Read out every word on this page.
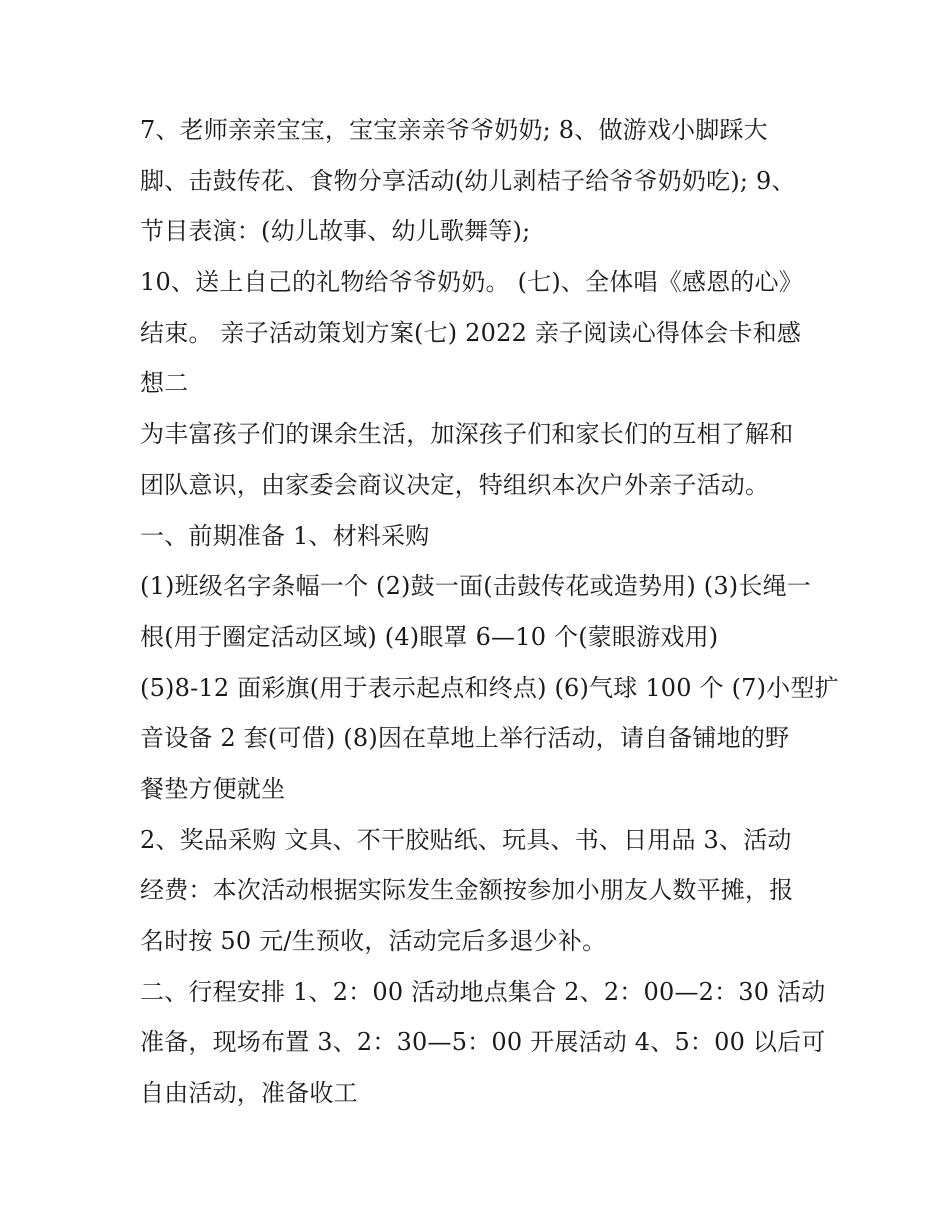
7、老师亲亲宝宝，宝宝亲亲爷爷奶奶; 8、做游戏小脚踩大
脚、击鼓传花、食物分享活动(幼儿剥桔子给爷爷奶奶吃); 9、
节目表演：(幼儿故事、幼儿歌舞等);
10、送上自己的礼物给爷爷奶奶。 (七)、全体唱《感恩的心》
结束。 亲子活动策划方案(七) 2022 亲子阅读心得体会卡和感
想二
为丰富孩子们的课余生活，加深孩子们和家长们的互相了解和
团队意识，由家委会商议决定，特组织本次户外亲子活动。
一、前期准备 1、材料采购
(1)班级名字条幅一个 (2)鼓一面(击鼓传花或造势用) (3)长绳一
根(用于圈定活动区域) (4)眼罩 6—10 个(蒙眼游戏用)
(5)8-12 面彩旗(用于表示起点和终点) (6)气球 100 个 (7)小型扩
音设备 2 套(可借) (8)因在草地上举行活动，请自备铺地的野
餐垫方便就坐
2、奖品采购 文具、不干胶贴纸、玩具、书、日用品 3、活动
经费：本次活动根据实际发生金额按参加小朋友人数平摊，报
名时按 50 元/生预收，活动完后多退少补。
二、行程安排 1、2：00 活动地点集合 2、2：00—2：30 活动
准备，现场布置 3、2：30—5：00 开展活动 4、5：00 以后可
自由活动，准备收工
